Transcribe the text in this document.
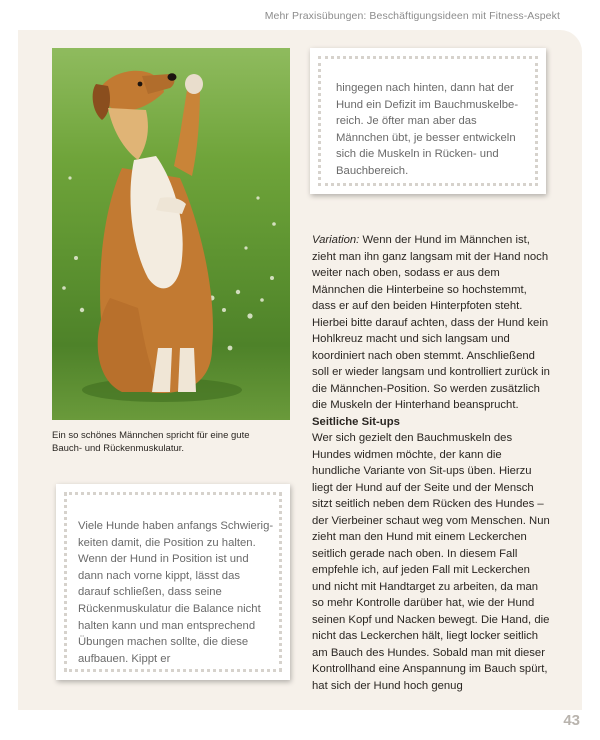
Mehr Praxisübungen: Beschäftigungsideen mit Fitness-Aspekt
Ein so schönes Männchen spricht für eine gute Bauch- und Rückenmuskulatur.
hingegen nach hinten, dann hat der Hund ein Defizit im Bauchmuskelbereich. Je öfter man aber das Männchen übt, je besser entwickeln sich die Muskeln in Rücken- und Bauchbereich.
Viele Hunde haben anfangs Schwierigkeiten damit, die Position zu halten. Wenn der Hund in Position ist und dann nach vorne kippt, lässt das darauf schließen, dass seine Rückenmuskulatur die Balance nicht halten kann und man entsprechend Übungen machen sollte, die diese aufbauen. Kippt er

Variation: Wenn der Hund im Männchen ist, zieht man ihn ganz langsam mit der Hand noch weiter nach oben, sodass er aus dem Männchen die Hinterbeine so hochstemmt, dass er auf den beiden Hinterpfoten steht. Hierbei bitte darauf achten, dass der Hund kein Hohlkreuz macht und sich langsam und koordiniert nach oben stemmt. Anschließend soll er wieder langsam und kontrolliert zurück in die Männchen-Position. So werden zusätzlich die Muskeln der Hinterhand beansprucht.

Seitliche Sit-ups

Wer sich gezielt den Bauchmuskeln des Hundes widmen möchte, der kann die hundliche Variante von Sit-ups üben. Hierzu liegt der Hund auf der Seite und der Mensch sitzt seitlich neben dem Rücken des Hundes – der Vierbeiner schaut weg vom Menschen. Nun zieht man den Hund mit einem Leckerchen seitlich gerade nach oben. In diesem Fall empfehle ich, auf jeden Fall mit Leckerchen und nicht mit Handtarget zu arbeiten, da man so mehr Kontrolle darüber hat, wie der Hund seinen Kopf und Nacken bewegt. Die Hand, die nicht das Leckerchen hält, liegt locker seitlich am Bauch des Hundes. Sobald man mit dieser Kontrollhand eine Anspannung im Bauch spürt, hat sich der Hund hoch genug

43
